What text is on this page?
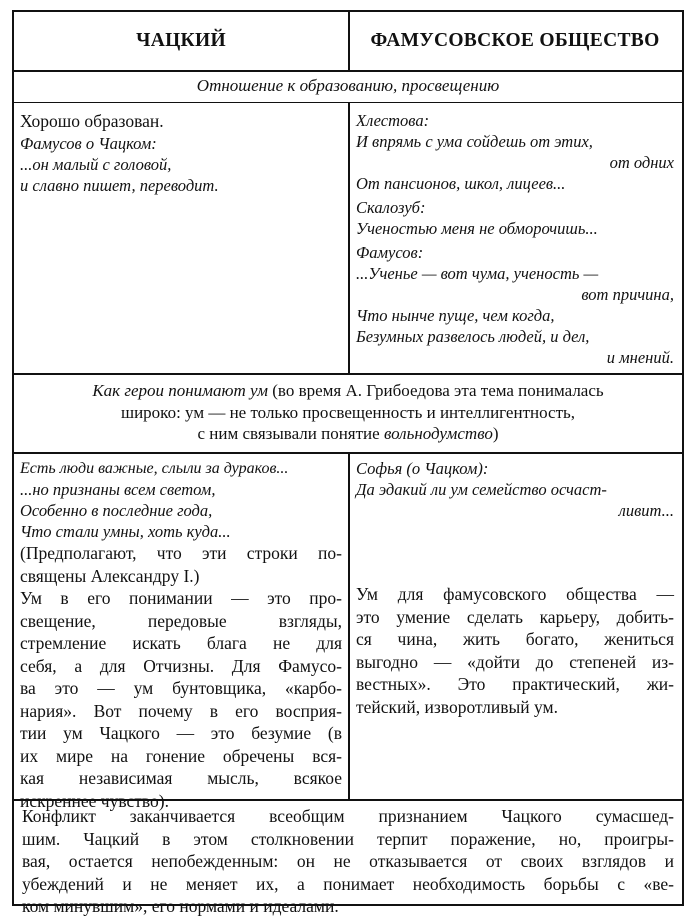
ЧАЦКИЙ	ФАМУСОВСКОЕ ОБЩЕСТВО
Отношение к образованию, просвещению
Хорошо образован.
Фамусов о Чацком:
...он малый с головой,
и славно пишет, переводит.
Хлестова:
И впрямь с ума сойдешь от этих,
от одних
От пансионов, школ, лицеев...
Скалозуб:
Ученостью меня не обморочишь...
Фамусов:
...Ученье — вот чума, ученость —
вот причина,
Что нынче пуще, чем когда,
Безумных развелось людей, и дел,
и мнений.
Как герои понимают ум (во время А. Грибоедова эта тема понималась
широко: ум — не только просвещенность и интеллигентность,
с ним связывали понятие вольнодумство)
Есть люди важные, слыли за дураков...
...но признаны всем светом,
Особенно в последние года,
Что стали умны, хоть куда...
(Предполагают, что эти строки по-
священы Александру I.)
Ум в его понимании — это про-
свещение, передовые взгляды,
стремление искать блага не для
себя, а для Отчизны. Для Фамусо-
ва это — ум бунтовщика, «карбо-
нария». Вот почему в его восприя-
тии ум Чацкого — это безумие (в
их мире на гонение обречены вся-
кая независимая мысль, всякое
искреннее чувство).
Софья (о Чацком):
Да эдакий ли ум семейство осчаст-
ливит...
Ум для фамусовского общества —
это умение сделать карьеру, добить-
ся чина, жить богато, жениться
выгодно — «дойти до степеней из-
вестных». Это практический, жи-
тейский, изворотливый ум.
Конфликт заканчивается всеобщим признанием Чацкого сумасшед-
шим. Чацкий в этом столкновении терпит поражение, но, проигры-
вая, остается непобежденным: он не отказывается от своих взглядов и
убеждений и не меняет их, а понимает необходимость борьбы с «ве-
ком минувшим», его нормами и идеалами.
